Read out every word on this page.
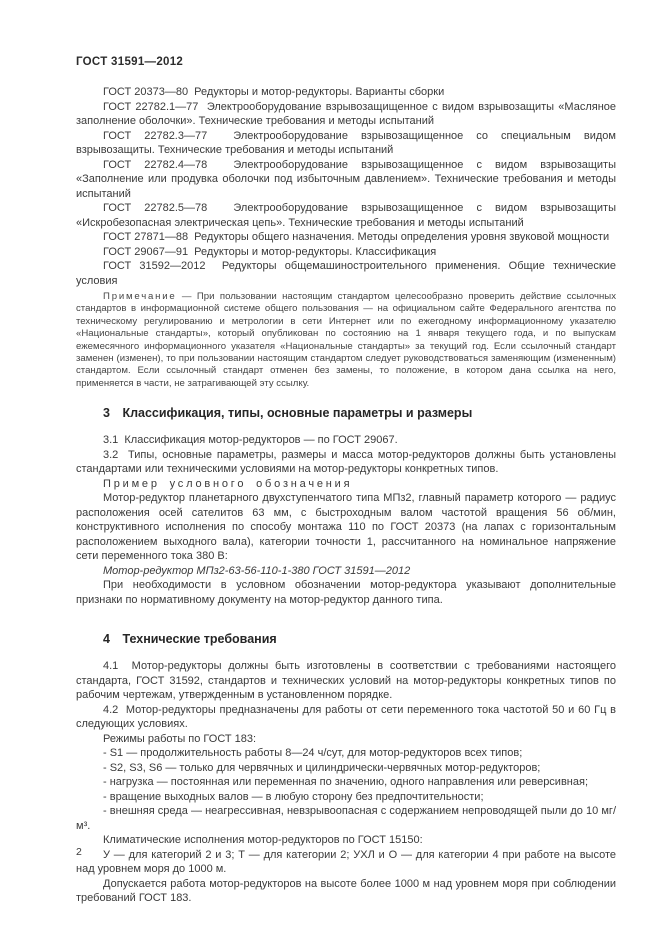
ГОСТ 31591—2012

ГОСТ 20373—80  Редукторы и мотор-редукторы. Варианты сборки

ГОСТ 22782.1—77  Электрооборудование взрывозащищенное с видом взрывозащиты «Масляное заполнение оболочки». Технические требования и методы испытаний

ГОСТ 22782.3—77  Электрооборудование взрывозащищенное со специальным видом взрывозащиты. Технические требования и методы испытаний

ГОСТ 22782.4—78  Электрооборудование взрывозащищенное с видом взрывозащиты «Заполнение или продувка оболочки под избыточным давлением». Технические требования и методы испытаний

ГОСТ 22782.5—78  Электрооборудование взрывозащищенное с видом взрывозащиты «Искробезопасная электрическая цепь». Технические требования и методы испытаний

ГОСТ 27871—88  Редукторы общего назначения. Методы определения уровня звуковой мощности

ГОСТ 29067—91  Редукторы и мотор-редукторы. Классификация

ГОСТ 31592—2012  Редукторы общемашиностроительного применения. Общие технические условия

Примечание — При пользовании настоящим стандартом целесообразно проверить действие ссылочных стандартов в информационной системе общего пользования — на официальном сайте Федерального агентства по техническому регулированию и метрологии в сети Интернет или по ежегодному информационному указателю «Национальные стандарты», который опубликован по состоянию на 1 января текущего года, и по выпускам ежемесячного информационного указателя «Национальные стандарты» за текущий год. Если ссылочный стандарт заменен (изменен), то при пользовании настоящим стандартом следует руководствоваться заменяющим (измененным) стандартом. Если ссылочный стандарт отменен без замены, то положение, в котором дана ссылка на него, применяется в части, не затрагивающей эту ссылку.

3 Классификация, типы, основные параметры и размеры

3.1  Классификация мотор-редукторов — по ГОСТ 29067.

3.2  Типы, основные параметры, размеры и масса мотор-редукторов должны быть установлены стандартами или техническими условиями на мотор-редукторы конкретных типов.

Пример условного обозначения

Мотор-редуктор планетарного двухступенчатого типа МПз2, главный параметр которого — радиус расположения осей сателитов 63 мм, с быстроходным валом частотой вращения 56 об/мин, конструктивного исполнения по способу монтажа 110 по ГОСТ 20373 (на лапах с горизонтальным расположением выходного вала), категории точности 1, рассчитанного на номинальное напряжение сети переменного тока 380 В:

Мотор-редуктор МПз2-63-56-110-1-380 ГОСТ 31591—2012

При необходимости в условном обозначении мотор-редуктора указывают дополнительные признаки по нормативному документу на мотор-редуктор данного типа.

4 Технические требования

4.1  Мотор-редукторы должны быть изготовлены в соответствии с требованиями настоящего стандарта, ГОСТ 31592, стандартов и технических условий на мотор-редукторы конкретных типов по рабочим чертежам, утвержденным в установленном порядке.

4.2  Мотор-редукторы предназначены для работы от сети переменного тока частотой 50 и 60 Гц в следующих условиях.

Режимы работы по ГОСТ 183:

- S1 — продолжительность работы 8—24 ч/сут, для мотор-редукторов всех типов;

- S2, S3, S6 — только для червячных и цилиндрически-червячных мотор-редукторов;

- нагрузка — постоянная или переменная по значению, одного направления или реверсивная;

- вращение выходных валов — в любую сторону без предпочтительности;

- внешняя среда — неагрессивная, невзрывоопасная с содержанием непроводящей пыли до 10 мг/м³.

Климатические исполнения мотор-редукторов по ГОСТ 15150:

У — для категорий 2 и 3; Т — для категории 2; УХЛ и О — для категории 4 при работе на высоте над уровнем моря до 1000 м.

Допускается работа мотор-редукторов на высоте более 1000 м над уровнем моря при соблюдении требований ГОСТ 183.

2
